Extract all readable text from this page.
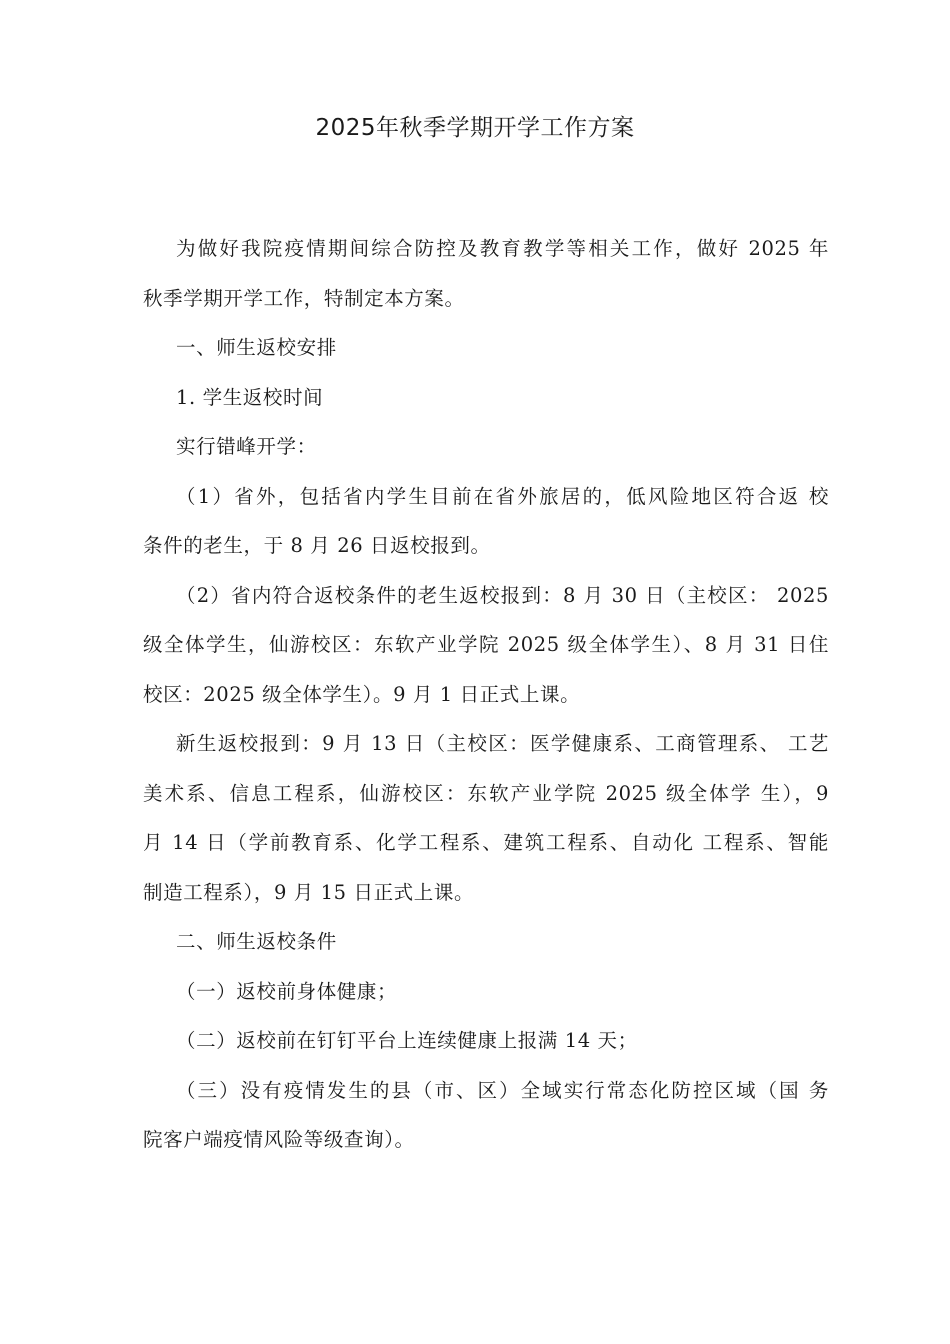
2025年秋季学期开学工作方案
为做好我院疫情期间综合防控及教育教学等相关工作，做好 2025 年
秋季学期开学工作，特制定本方案。
一、师生返校安排
1. 学生返校时间
实行错峰开学：
（1）省外，包括省内学生目前在省外旅居的，低风险地区符合返 校
条件的老生，于 8 月 26 日返校报到。
（2）省内符合返校条件的老生返校报到：8 月 30 日（主校区： 2025
级全体学生，仙游校区：东软产业学院 2025 级全体学生）、8 月 31 日住
校区：2025 级全体学生）。9 月 1 日正式上课。
新生返校报到：9 月 13 日（主校区：医学健康系、工商管理系、 工艺
美术系、信息工程系，仙游校区：东软产业学院 2025 级全体学 生），9
月 14 日（学前教育系、化学工程系、建筑工程系、自动化 工程系、智能
制造工程系），9 月 15 日正式上课。
二、师生返校条件
（一）返校前身体健康；
（二）返校前在钉钉平台上连续健康上报满 14 天；
（三）没有疫情发生的县（市、区）全域实行常态化防控区域（国 务
院客户端疫情风险等级查询）。
